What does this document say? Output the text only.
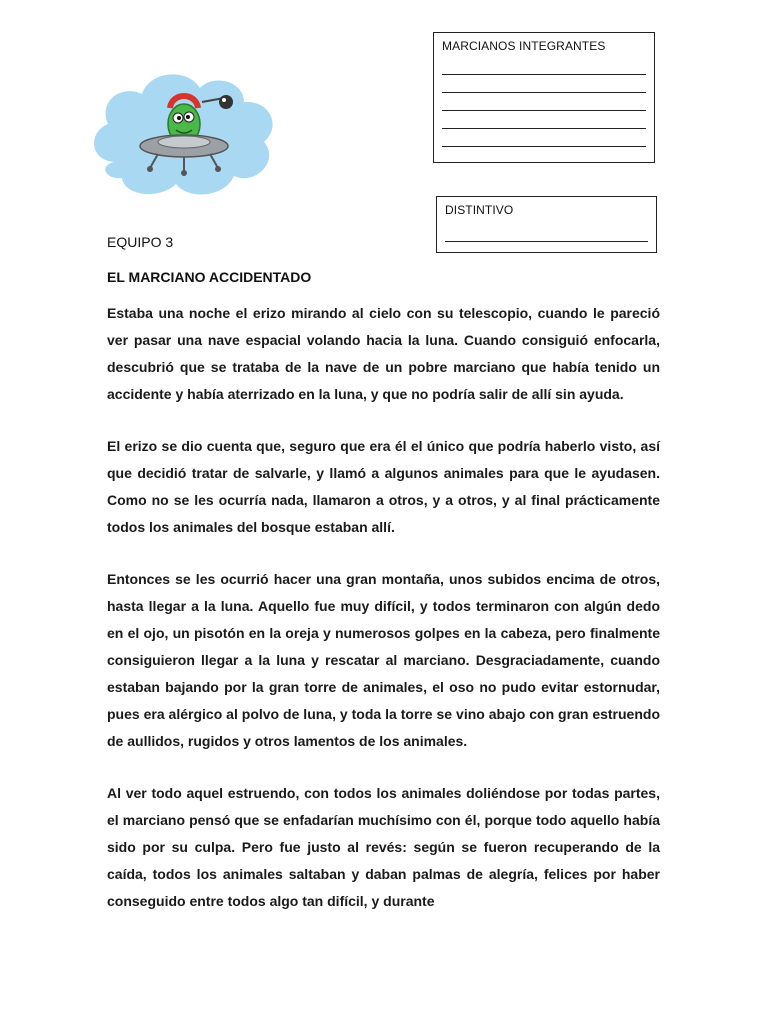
MARCIANOS INTEGRANTES
DISTINTIVO
EQUIPO 3
EL MARCIANO ACCIDENTADO

Estaba una noche el erizo mirando al cielo con su telescopio, cuando le pareció ver pasar una nave espacial volando hacia la luna. Cuando consiguió enfocarla, descubrió que se trataba de la nave de un pobre marciano que había tenido un accidente y había aterrizado en la luna, y que no podría salir de allí sin ayuda.

El erizo se dio cuenta que, seguro que era él el único que podría haberlo visto, así que decidió tratar de salvarle, y llamó a algunos animales para que le ayudasen. Como no se les ocurría nada, llamaron a otros, y a otros, y al final prácticamente todos los animales del bosque estaban allí.

Entonces se les ocurrió hacer una gran montaña, unos subidos encima de otros, hasta llegar a la luna. Aquello fue muy difícil, y todos terminaron con algún dedo en el ojo, un pisotón en la oreja y numerosos golpes en la cabeza, pero finalmente consiguieron llegar a la luna y rescatar al marciano. Desgraciadamente, cuando estaban bajando por la gran torre de animales, el oso no pudo evitar estornudar, pues era alérgico al polvo de luna, y toda la torre se vino abajo con gran estruendo de aullidos, rugidos y otros lamentos de los animales.

Al ver todo aquel estruendo, con todos los animales doliéndose por todas partes, el marciano pensó que se enfadarían muchísimo con él, porque todo aquello había sido por su culpa. Pero fue justo al revés: según se fueron recuperando de la caída, todos los animales saltaban y daban palmas de alegría, felices por haber conseguido entre todos algo tan difícil, y durante
